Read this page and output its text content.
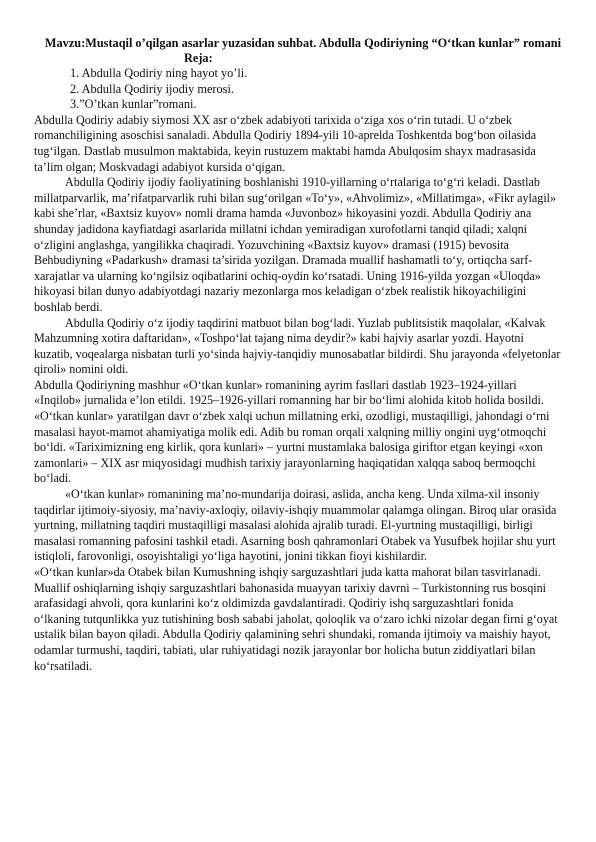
Mavzu:Mustaqil o’qilgan asarlar yuzasidan suhbat. Abdulla Qodiriyning “O‘tkan kunlar” romani
Reja:
1. Abdulla Qodiriy ning hayot yo’li.
2. Abdulla Qodiriy ijodiy merosi.
3.”O’tkan kunlar”romani.

Abdulla Qodiriy adabiy siymosi XX asr o‘zbek adabiyoti tarixida o‘ziga xos o‘rin tutadi. U o‘zbek romanchiligining asoschisi sanaladi. Abdulla Qodiriy 1894-yili 10-aprelda Toshkentda bog‘bon oilasida tug‘ilgan. Dastlab musulmon maktabida, keyin rustuzem maktabi hamda Abulqosim shayx madrasasida ta’lim olgan; Moskvadagi adabiyot kursida o‘qigan.

Abdulla Qodiriy ijodiy faoliyatining boshlanishi 1910-yillarning o‘rtalariga to‘g‘ri keladi. Dastlab millatparvarlik, ma’rifatparvarlik ruhi bilan sug‘orilgan «To‘y», «Ahvolimiz», «Millatimga», «Fikr aylagil» kabi she’rlar, «Baxtsiz kuyov» nomli drama hamda «Juvonboz» hikoyasini yozdi. Abdulla Qodiriy ana shunday jadidona kayfiatdagi asarlarida millatni ichdan yemiradigan xurofotlarni tanqid qiladi; xalqni o‘zligini anglashga, yangilikka chaqiradi. Yozuvchining «Baxtsiz kuyov» dramasi (1915) bevosita Behbudiyning «Padarkush» dramasi ta’sirida yozilgan. Dramada muallif hashamatli to‘y, ortiqcha sarf-xarajatlar va ularning ko‘ngilsiz oqibatlarini ochiq-oydin ko‘rsatadi. Uning 1916-yilda yozgan «Uloqda» hikoyasi bilan dunyo adabiyotdagi nazariy mezonlarga mos keladigan o‘zbek realistik hikoyachiligini boshlab berdi.

Abdulla Qodiriy o‘z ijodiy taqdirini matbuot bilan bog‘ladi. Yuzlab publitsistik maqolalar, «Kalvak Mahzumning xotira daftaridan», «Toshpo‘lat tajang nima deydir?» kabi hajviy asarlar yozdi. Hayotni kuzatib, voqealarga nisbatan turli yo‘sinda hajviy-tanqidiy munosabatlar bildirdi. Shu jarayonda «felyetonlar qiroli» nomini oldi.

Abdulla Qodiriyning mashhur «O‘tkan kunlar» romanining ayrim fasllari dastlab 1923–1924-yillari «Inqilob» jurnalida e’lon etildi. 1925–1926-yillari romanning har bir bo‘limi alohida kitob holida bosildi. «O‘tkan kunlar» yaratilgan davr o‘zbek xalqi uchun millatning erki, ozodligi, mustaqilligi, jahondagi o‘rni masalasi hayot-mamot ahamiyatiga molik edi. Adib bu roman orqali xalqning milliy ongini uyg‘otmoqchi bo‘ldi. «Tariximizning eng kirlik, qora kunlari» – yurtni mustamlaka balosiga giriftor etgan keyingi «xon zamonlari» – XIX asr miqyosidagi mudhish tarixiy jarayonlarning haqiqatidan xalqqa saboq bermoqchi bo‘ladi.

«O‘tkan kunlar» romanining ma’no-mundarija doirasi, aslida, ancha keng. Unda xilma-xil insoniy taqdirlar ijtimoiy-siyosiy, ma’naviy-axloqiy, oilaviy-ishqiy muammolar qalamga olingan. Biroq ular orasida yurtning, millatning taqdiri mustaqilligi masalasi alohida ajralib turadi. El-yurtning mustaqilligi, birligi masalasi romanning pafosini tashkil etadi. Asarning bosh qahramonlari Otabek va Yusufbek hojilar shu yurt istiqloli, farovonligi, osoyishtaligi yo‘liga hayotini, jonini tikkan fioyi kishilardir.

«O‘tkan kunlar»da Otabek bilan Kumushning ishqiy sarguzashtlari juda katta mahorat bilan tasvirlanadi. Muallif oshiqlarning ishqiy sarguzashtlari bahonasida muayyan tarixiy davrni – Turkistonning rus bosqini arafasidagi ahvoli, qora kunlarini ko‘z oldimizda gavdalantiradi. Qodiriy ishq sarguzashtlari fonida o‘lkaning tutqunlikka yuz tutishining bosh sababi jaholat, qoloqlik va o‘zaro ichki nizolar degan firni g‘oyat ustalik bilan bayon qiladi. Abdulla Qodiriy qalamining sehri shundaki, romanda ijtimoiy va maishiy hayot, odamlar turmushi, taqdiri, tabiati, ular ruhiyatidagi nozik jarayonlar bor holicha butun ziddiyatlari bilan ko‘rsatiladi.
